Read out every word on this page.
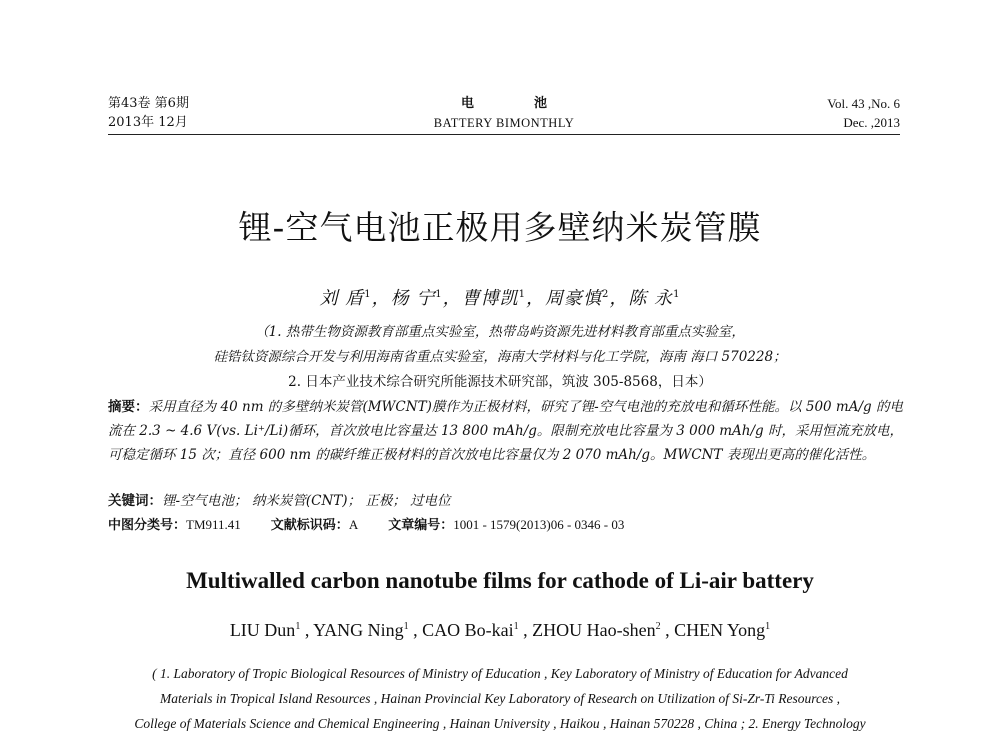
第43卷 第6期
2013年 12月
电池
BATTERY BIMONTHLY
Vol. 43 ,No. 6
Dec. ,2013
锂-空气电池正极用多壁纳米炭管膜
刘 盾$^1$，杨 宁$^1$，曹博凯$^1$，周豪慎$^2$，陈 永$^1$
（1. 热带生物资源教育部重点实验室，热带岛屿资源先进材料教育部重点实验室，
硅锆钛资源综合开发与利用海南省重点实验室，海南大学材料与化工学院，海南 海口 570228；
2. 日本产业技术综合研究所能源技术研究部，筑波 305-8568，日本）
摘要：采用直径为 40 nm 的多壁纳米炭管(MWCNT)膜作为正极材料，研究了锂-空气电池的充放电和循环性能。以 500 mA/g 的电流在 2.3 ~ 4.6 V(vs. Li⁺/Li)循环，首次放电比容量达 13 800 mAh/g。限制充放电比容量为 3 000 mAh/g 时，采用恒流充放电，可稳定循环 15 次；直径 600 nm 的碳纤维正极材料的首次放电比容量仅为 2 070 mAh/g。MWCNT 表现出更高的催化活性。
关键词：锂-空气电池； 纳米炭管(CNT)； 正极； 过电位
中图分类号：TM911.41 文献标识码：A 文章编号：1001 - 1579(2013)06 - 0346 - 03
Multiwalled carbon nanotube films for cathode of Li-air battery
LIU Dun$^1$ , YANG Ning$^1$ , CAO Bo-kai$^1$ , ZHOU Hao-shen$^2$ , CHEN Yong$^1$
( 1. Laboratory of Tropic Biological Resources of Ministry of Education , Key Laboratory of Ministry of Education for Advanced
Materials in Tropical Island Resources , Hainan Provincial Key Laboratory of Research on Utilization of Si-Zr-Ti Resources ,
College of Materials Science and Chemical Engineering , Hainan University , Haikou , Hainan 570228 , China ; 2. Energy Technology
